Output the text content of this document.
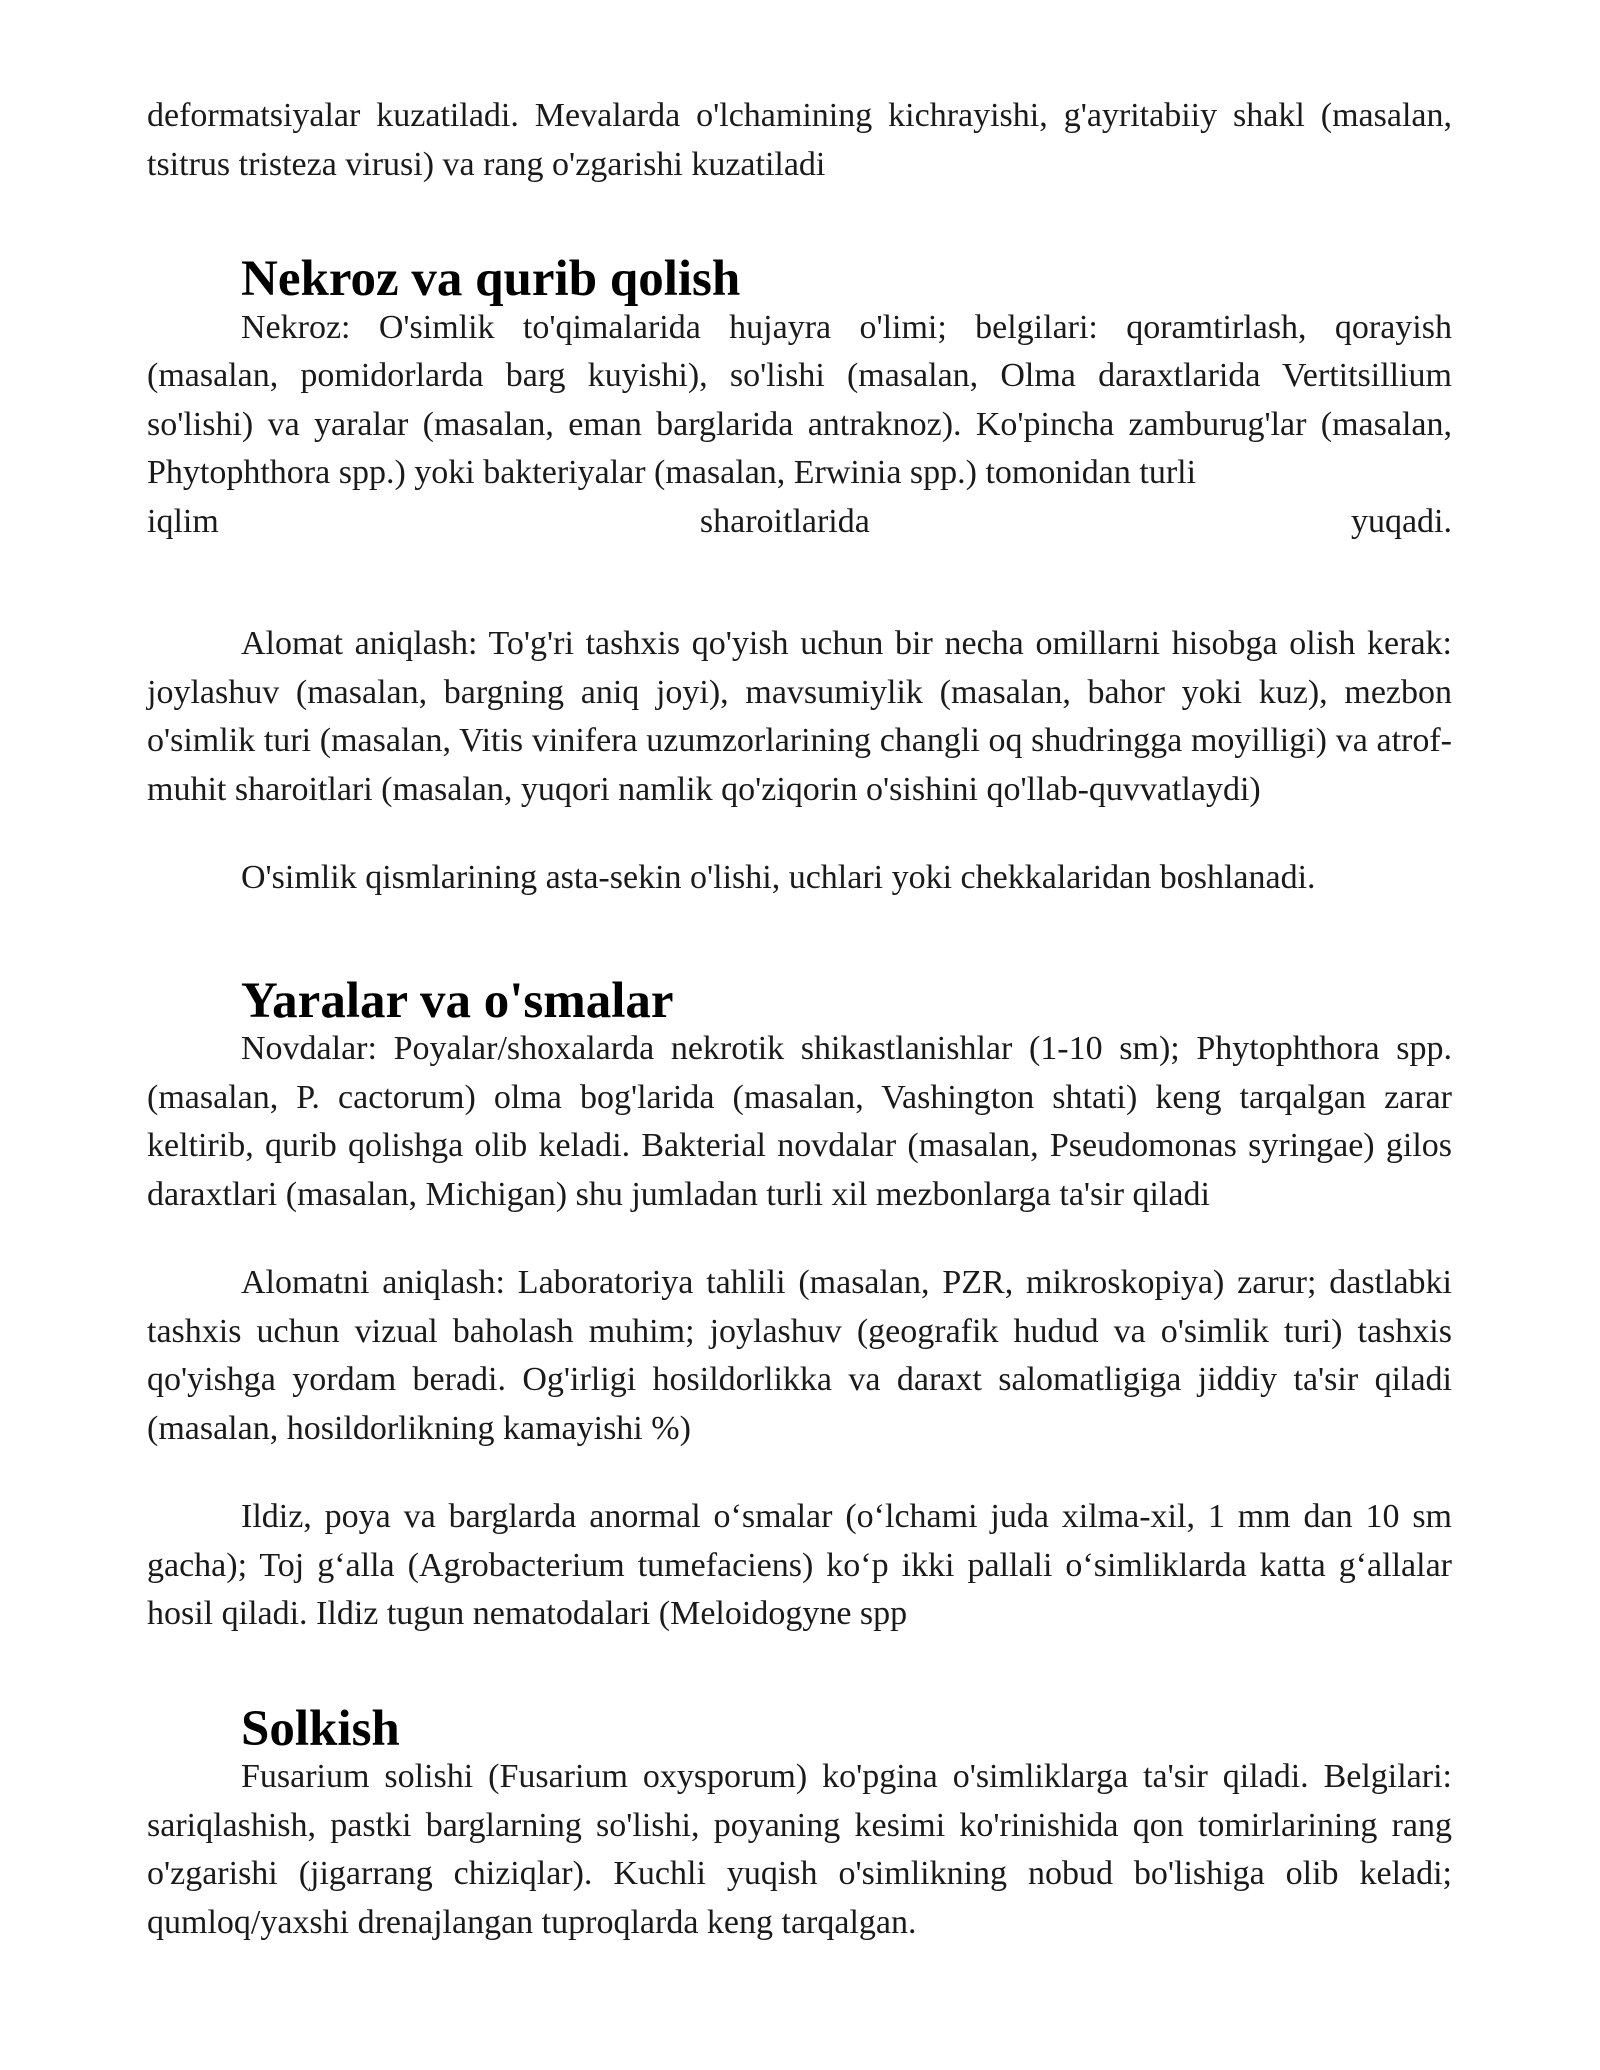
deformatsiyalar kuzatiladi. Mevalarda o'lchamining kichrayishi, g'ayritabiiy shakl (masalan, tsitrus tristeza virusi) va rang o'zgarishi kuzatiladi

Nekroz va qurib qolish

Nekroz: O'simlik to'qimalarida hujayra o'limi; belgilari: qoramtirlash, qorayish (masalan, pomidorlarda barg kuyishi), so'lishi (masalan, Olma daraxtlarida Vertitsillium so'lishi) va yaralar (masalan, eman barglarida antraknoz). Ko'pincha zamburug'lar (masalan, Phytophthora spp.) yoki bakteriyalar (masalan, Erwinia spp.) tomonidan turli

iqlim	sharoitlarida	yuqadi.

Alomat aniqlash: To'g'ri tashxis qo'yish uchun bir necha omillarni hisobga olish kerak: joylashuv (masalan, bargning aniq joyi), mavsumiylik (masalan, bahor yoki kuz), mezbon o'simlik turi (masalan, Vitis vinifera uzumzorlarining changli oq shudringga moyilligi) va atrof-muhit sharoitlari (masalan, yuqori namlik qo'ziqorin o'sishini qo'llab-quvvatlaydi)

O'simlik qismlarining asta-sekin o'lishi, uchlari yoki chekkalaridan boshlanadi.

Yaralar va o'smalar

Novdalar: Poyalar/shoxalarda nekrotik shikastlanishlar (1-10 sm); Phytophthora spp. (masalan, P. cactorum) olma bog'larida (masalan, Vashington shtati) keng tarqalgan zarar keltirib, qurib qolishga olib keladi. Bakterial novdalar (masalan, Pseudomonas syringae) gilos daraxtlari (masalan, Michigan) shu jumladan turli xil mezbonlarga ta'sir qiladi

Alomatni aniqlash: Laboratoriya tahlili (masalan, PZR, mikroskopiya) zarur; dastlabki tashxis uchun vizual baholash muhim; joylashuv (geografik hudud va o'simlik turi) tashxis qo'yishga yordam beradi. Og'irligi hosildorlikka va daraxt salomatligiga jiddiy ta'sir qiladi (masalan, hosildorlikning kamayishi %)

Ildiz, poya va barglarda anormal o‘smalar (o‘lchami juda xilma-xil, 1 mm dan 10 sm gacha); Toj g‘alla (Agrobacterium tumefaciens) ko‘p ikki pallali o‘simliklarda katta g‘allalar hosil qiladi. Ildiz tugun nematodalari (Meloidogyne spp

Solkish

Fusarium solishi (Fusarium oxysporum) ko'pgina o'simliklarga ta'sir qiladi. Belgilari: sariqlashish, pastki barglarning so'lishi, poyaning kesimi ko'rinishida qon tomirlarining rang o'zgarishi (jigarrang chiziqlar). Kuchli yuqish o'simlikning nobud bo'lishiga olib keladi; qumloq/yaxshi drenajlangan tuproqlarda keng tarqalgan.
